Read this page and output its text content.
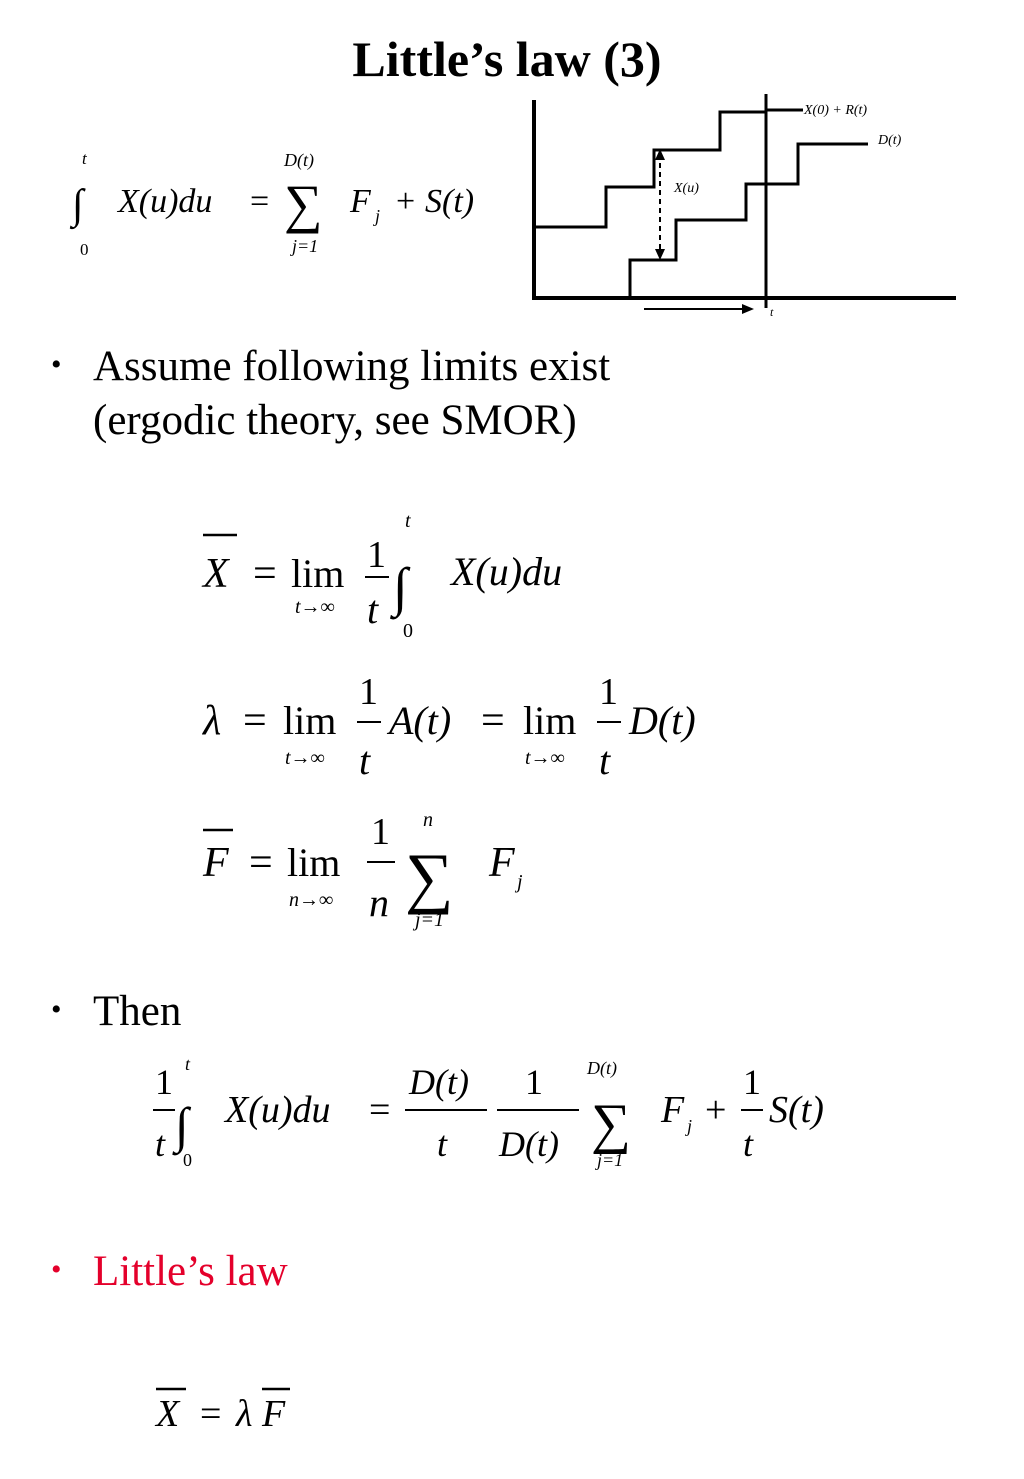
Little’s law (3)
t
∫
0
X(u)du =
D(t)
∑
j=1
F j + S(t)
X(0) + R(t)
D(t)
X(u)
t
• Assume following limits exist
(ergodic theory, see SMOR)
X = lim
t→∞
1
t
t
∫
0
X(u)du
λ = lim
t→∞
1
t
A(t) = lim
t→∞
1
t
D(t)
F = lim
n→∞
1
n
n
∑
j=1
F j
• Then
1
t
t
∫
0
X(u)du =
D(t)
t
1
D(t)
D(t)
∑
j=1
F j +
1
t
S(t)
• Little’s law
X = λ F
